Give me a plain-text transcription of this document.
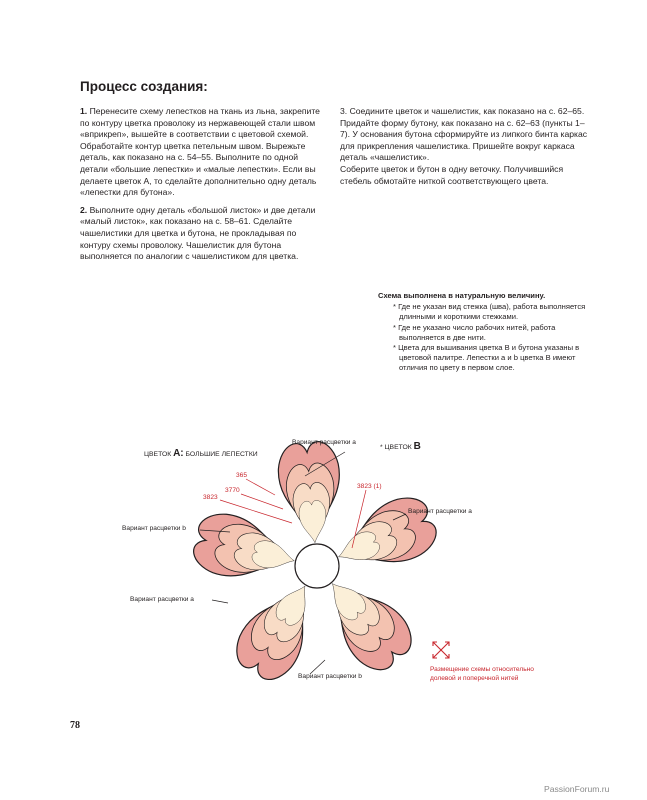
Процесс создания:

1. Перенесите схему лепестков на ткань из льна, закрепите по контуру цветка проволоку из нержавеющей стали швом «вприкреп», вышейте в соответствии с цветовой схемой. Обработайте контур цветка петельным швом. Вырежьте деталь, как показано на с. 54–55. Выполните по одной детали «большие лепестки» и «малые лепестки». Если вы делаете цветок А, то сделайте дополнительно одну деталь «лепестки для бутона».

2. Выполните одну деталь «большой листок» и две детали «малый листок», как показано на с. 58–61. Сделайте чашелистики для цветка и бутона, не прокладывая по контуру схемы проволоку. Чашелистик для бутона выполняется по аналогии с чашелистиком для цветка.

3. Соедините цветок и чашелистик, как показано на с. 62–65. Придайте форму бутону, как показано на с. 62–63 (пункты 1–7). У основания бутона сформируйте из липкого бинта каркас для прикрепления чашелистика. Пришейте вокруг каркаса деталь «чашелистик».

Соберите цветок и бутон в одну веточку. Получившийся стебель обмотайте ниткой соответствующего цвета.

Схема выполнена в натуральную величину.
* Где не указан вид стежка (шва), работа выполняется длинными и короткими стежками.
* Где не указано число рабочих нитей, работа выполняется в две нити.
* Цвета для вышивания цветка B и бутона указаны в цветовой палитре. Лепестки a и b цветка B имеют отличия по цвету в первом слое.
ЦВЕТОК A: БОЛЬШИЕ ЛЕПЕСТКИ
* ЦВЕТОК B
Вариант расцветки a
Вариант расцветки a
Вариант расцветки b
Вариант расцветки a
Вариант расцветки b
365
3770
3823
3823 (1)
Размещение схемы относительно
долевой и поперечной нитей
78
PassionForum.ru
